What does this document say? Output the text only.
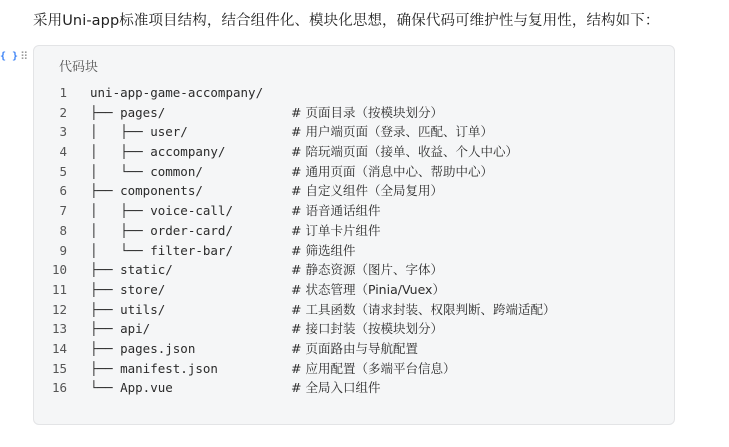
采用Uni-app标准项目结构，结合组件化、模块化思想，确保代码可维护性与复用性，结构如下：
{ } ⠿
代码块
1 uni-app-game-accompany/
2 ├── pages/	# 页面目录（按模块划分）
3 │   ├── user/	# 用户端页面（登录、匹配、订单）
4 │   ├── accompany/	# 陪玩端页面（接单、收益、个人中心）
5 │   └── common/	# 通用页面（消息中心、帮助中心）
6 ├── components/	# 自定义组件（全局复用）
7 │   ├── voice-call/	# 语音通话组件
8 │   ├── order-card/	# 订单卡片组件
9 │   └── filter-bar/	# 筛选组件
10 ├── static/	# 静态资源（图片、字体）
11 ├── store/	# 状态管理（Pinia/Vuex）
12 ├── utils/	# 工具函数（请求封装、权限判断、跨端适配）
13 ├── api/	# 接口封装（按模块划分）
14 ├── pages.json	# 页面路由与导航配置
15 ├── manifest.json	# 应用配置（多端平台信息）
16 └── App.vue	# 全局入口组件
